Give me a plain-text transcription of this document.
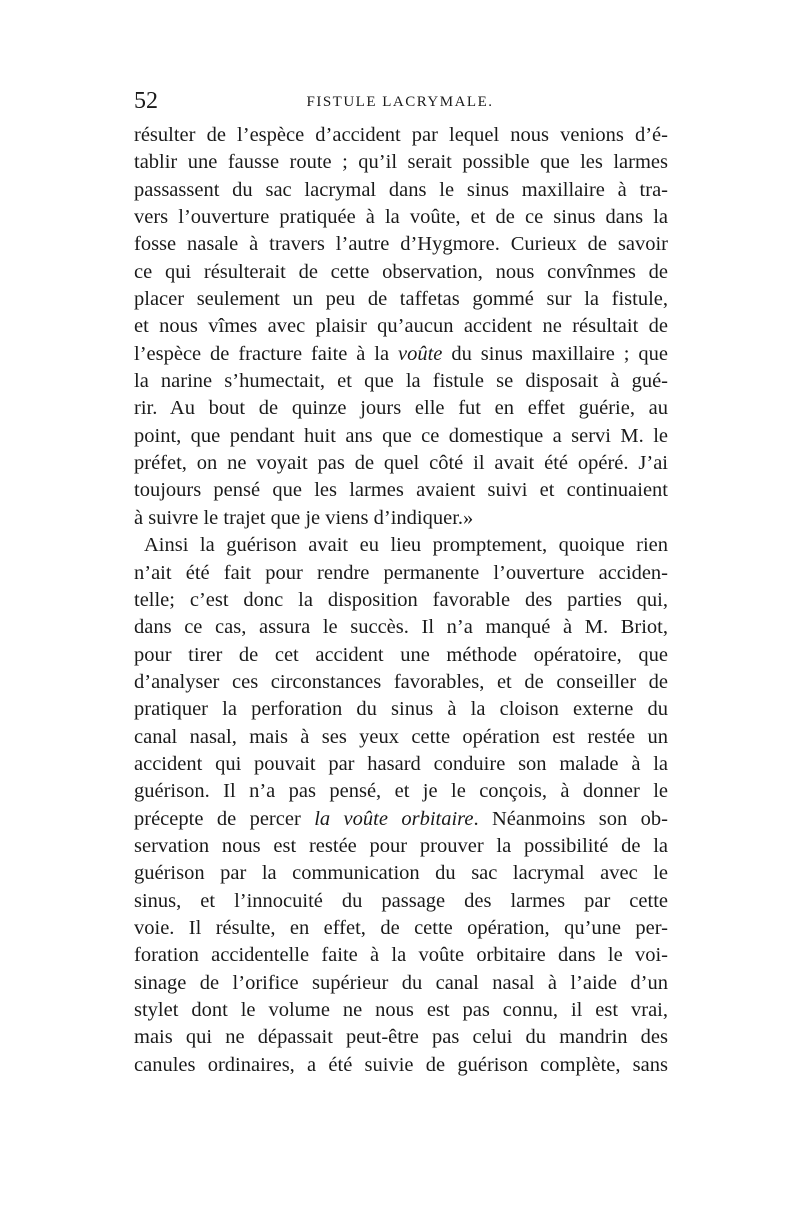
52	FISTULE LACRYMALE.
résulter de l’espèce d’accident par lequel nous venions d’é-
tablir une fausse route ; qu’il serait possible que les larmes
passassent du sac lacrymal dans le sinus maxillaire à tra-
vers l’ouverture pratiquée à la voûte, et de ce sinus dans la
fosse nasale à travers l’autre d’Hygmore. Curieux de savoir
ce qui résulterait de cette observation, nous convînmes de
placer seulement un peu de taffetas gommé sur la fistule,
et nous vîmes avec plaisir qu’aucun accident ne résultait de
l’espèce de fracture faite à la voûte du sinus maxillaire ; que
la narine s’humectait, et que la fistule se disposait à gué-
rir. Au bout de quinze jours elle fut en effet guérie, au
point, que pendant huit ans que ce domestique a servi M. le
préfet, on ne voyait pas de quel côté il avait été opéré. J’ai
toujours pensé que les larmes avaient suivi et continuaient
à suivre le trajet que je viens d’indiquer.»
Ainsi la guérison avait eu lieu promptement, quoique rien
n’ait été fait pour rendre permanente l’ouverture acciden-
telle; c’est donc la disposition favorable des parties qui,
dans ce cas, assura le succès. Il n’a manqué à M. Briot,
pour tirer de cet accident une méthode opératoire, que
d’analyser ces circonstances favorables, et de conseiller de
pratiquer la perforation du sinus à la cloison externe du
canal nasal, mais à ses yeux cette opération est restée un
accident qui pouvait par hasard conduire son malade à la
guérison. Il n’a pas pensé, et je le conçois, à donner le
précepte de percer la voûte orbitaire. Néanmoins son ob-
servation nous est restée pour prouver la possibilité de la
guérison par la communication du sac lacrymal avec le
sinus, et l’innocuité du passage des larmes par cette
voie. Il résulte, en effet, de cette opération, qu’une per-
foration accidentelle faite à la voûte orbitaire dans le voi-
sinage de l’orifice supérieur du canal nasal à l’aide d’un
stylet dont le volume ne nous est pas connu, il est vrai,
mais qui ne dépassait peut-être pas celui du mandrin des
canules ordinaires, a été suivie de guérison complète, sans
